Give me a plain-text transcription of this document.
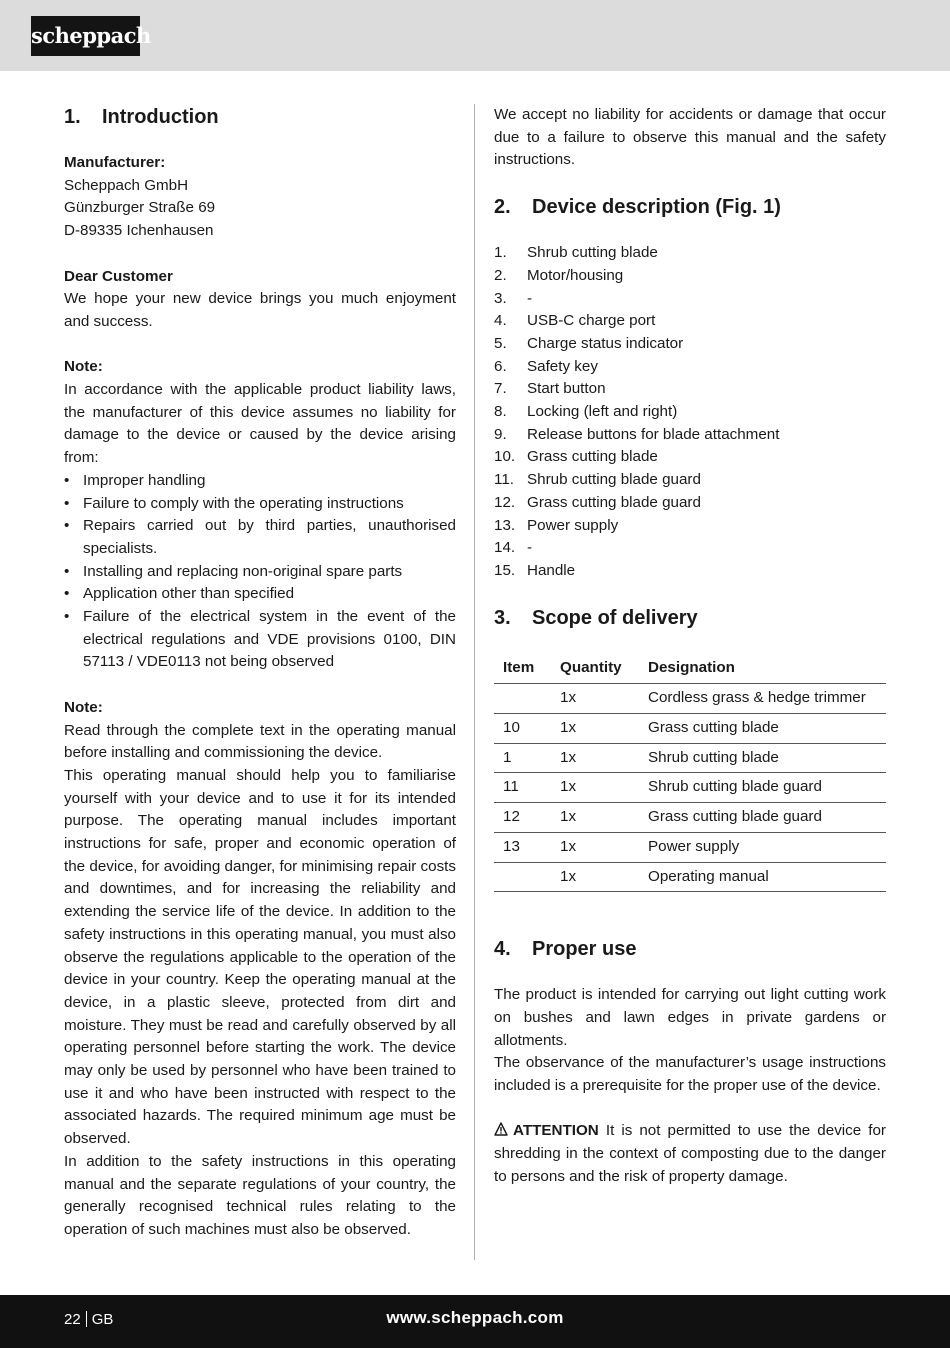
scheppach
1. Introduction

Manufacturer:

Scheppach GmbH

Günzburger Straße 69

D-89335 Ichenhausen

Dear Customer

We hope your new device brings you much enjoyment and success.

Note:

In accordance with the applicable product liability laws, the manufacturer of this device assumes no liability for damage to the device or caused by the device arising from:

• Improper handling
• Failure to comply with the operating instructions
• Repairs carried out by third parties, unauthorised specialists.
• Installing and replacing non-original spare parts
• Application other than specified
• Failure of the electrical system in the event of the electrical regulations and VDE provisions 0100, DIN 57113 / VDE0113 not being observed

Note:

Read through the complete text in the operating manual before installing and commissioning the device.

This operating manual should help you to familiarise yourself with your device and to use it for its intended purpose. The operating manual includes important instructions for safe, proper and economic operation of the device, for avoiding danger, for minimising repair costs and downtimes, and for increasing the reliability and extending the service life of the device. In addition to the safety instructions in this operating manual, you must also observe the regulations applicable to the operation of the device in your country. Keep the operating manual at the device, in a plastic sleeve, protected from dirt and moisture. They must be read and carefully observed by all operating personnel before starting the work. The device may only be used by personnel who have been trained to use it and who have been instructed with respect to the associated hazards. The required minimum age must be observed.

In addition to the safety instructions in this operating manual and the separate regulations of your country, the generally recognised technical rules relating to the operation of such machines must also be observed.

We accept no liability for accidents or damage that occur due to a failure to observe this manual and the safety instructions.

2. Device description (Fig. 1)
1.	Shrub cutting blade
2.	Motor/housing
3.	-
4.	USB-C charge port
5.	Charge status indicator
6.	Safety key
7.	Start button
8.	Locking (left and right)
9.	Release buttons for blade attachment
10. Grass cutting blade
11. Shrub cutting blade guard
12. Grass cutting blade guard
13. Power supply
14. -
15. Handle
3. Scope of delivery
Item	Quantity	Designation
	1x	Cordless grass & hedge trimmer
10	1x	Grass cutting blade
1	1x	Shrub cutting blade
11	1x	Shrub cutting blade guard
12	1x	Grass cutting blade guard
13	1x	Power supply
	1x	Operating manual
4. Proper use

The product is intended for carrying out light cutting work on bushes and lawn edges in private gardens or allotments.

The observance of the manufacturer’s usage instructions included is a prerequisite for the proper use of the device.

ATTENTION It is not permitted to use the device for shredding in the context of composting due to the danger to persons and the risk of property damage.

22 GB	www.scheppach.com
